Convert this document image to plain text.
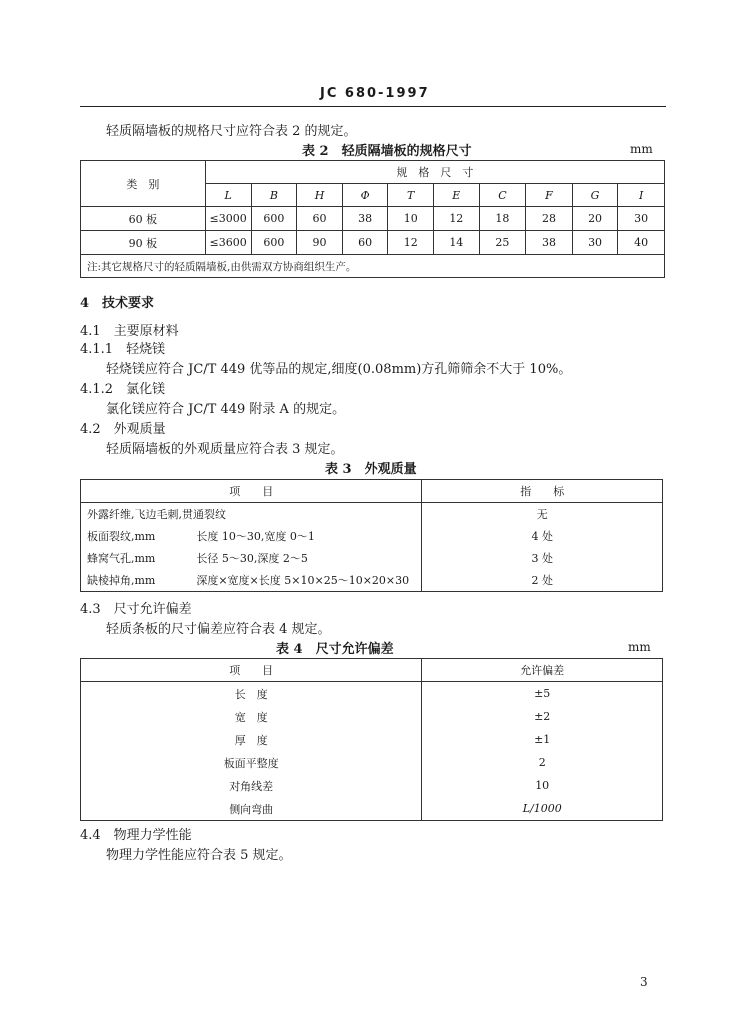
JC 680-1997
轻质隔墙板的规格尺寸应符合表 2 的规定。
表 2　轻质隔墙板的规格尺寸	mm
类　别	规　格　尺　寸									
	L	B	H	Φ	T	E	C	F	G	I
60 板	≤3000	600	60	38	10	12	18	28	20	30
90 板	≤3600	600	90	60	12	14	25	38	30	40
注:其它规格尺寸的轻质隔墙板,由供需双方协商组织生产。										
4　技术要求
4.1　主要原材料
4.1.1　轻烧镁
轻烧镁应符合 JC/T 449 优等品的规定,细度(0.08mm)方孔筛筛余不大于 10%。
4.1.2　氯化镁
氯化镁应符合 JC/T 449 附录 A 的规定。
4.2　外观质量
轻质隔墙板的外观质量应符合表 3 规定。
表 3　外观质量
项　　目		指　　标
外露纤维,飞边毛刺,贯通裂纹		无
板面裂纹,mm	长度 10～30,宽度 0～1	4 处
蜂窝气孔,mm	长径 5～30,深度 2～5	3 处
缺棱掉角,mm	深度×宽度×长度 5×10×25～10×20×30	2 处
4.3　尺寸允许偏差
轻质条板的尺寸偏差应符合表 4 规定。
表 4　尺寸允许偏差	mm
项　　目	允许偏差
长　度	±5
宽　度	±2
厚　度	±1
板面平整度	2
对角线差	10
侧向弯曲	L/1000
4.4　物理力学性能
物理力学性能应符合表 5 规定。
3
